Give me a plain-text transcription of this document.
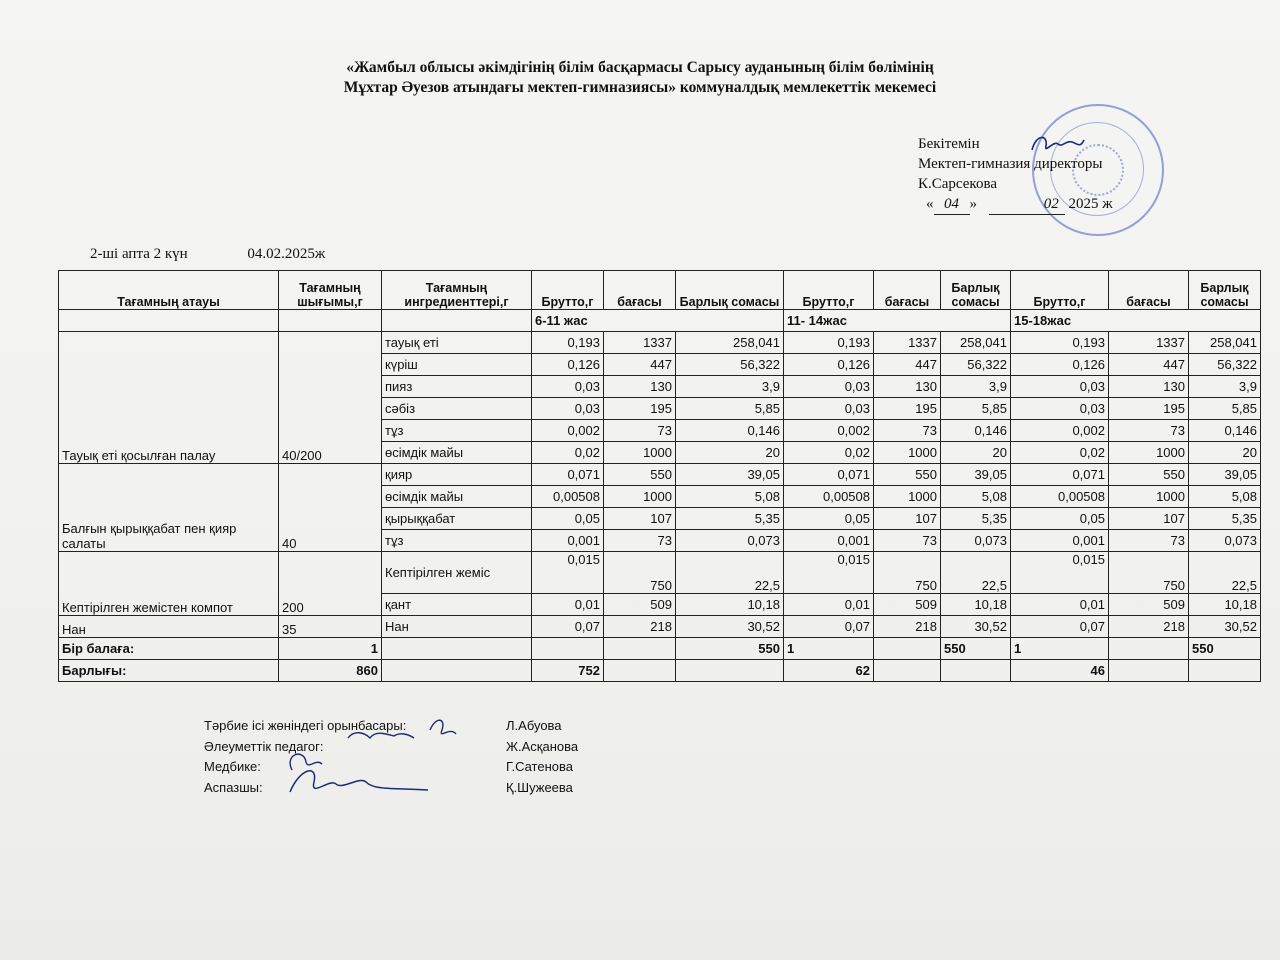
«Жамбыл облысы әкімдігінің білім басқармасы Сарысу ауданының білім бөлімінің
Мұхтар Әуезов атындағы мектеп-гимназиясы» коммуналдық мемлекеттік мекемесі
Бекітемін
Мектеп-гимназия директоры
К.Сарсекова
« 04 »	02 2025 ж
2-ші апта 2 күн	04.02.2025ж
Тағамның атауы	Тағамның шығымы,г	Тағамның ингредиенттері,г	Брутто,г	бағасы	Барлық сомасы	Брутто,г	бағасы	Барлық сомасы	Брутто,г	бағасы	Барлық сомасы
			6-11 жас			11- 14жас			15-18жас		
Тауық еті қосылған палау	40/200	тауық еті	0,193	1337	258,041	0,193	1337	258,041	0,193	1337	258,041
		күріш	0,126	447	56,322	0,126	447	56,322	0,126	447	56,322
		пияз	0,03	130	3,9	0,03	130	3,9	0,03	130	3,9
		сәбіз	0,03	195	5,85	0,03	195	5,85	0,03	195	5,85
		тұз	0,002	73	0,146	0,002	73	0,146	0,002	73	0,146
		өсімдік майы	0,02	1000	20	0,02	1000	20	0,02	1000	20
Балғын қырыққабат пен қияр салаты	40	қияр	0,071	550	39,05	0,071	550	39,05	0,071	550	39,05
		өсімдік майы	0,00508	1000	5,08	0,00508	1000	5,08	0,00508	1000	5,08
		қырыққабат	0,05	107	5,35	0,05	107	5,35	0,05	107	5,35
		тұз	0,001	73	0,073	0,001	73	0,073	0,001	73	0,073
Кептірілген жемістен компот	200	Кептірілген жеміс	0,015	750	22,5	0,015	750	22,5	0,015	750	22,5
		қант	0,01	509	10,18	0,01	509	10,18	0,01	509	10,18
Нан	35	Нан	0,07	218	30,52	0,07	218	30,52	0,07	218	30,52
Бір балаға:	1				550	1		550	1		550
Барлығы:	860		752			62			46		
Тәрбие ісі жөніндегі орынбасары:	Л.Абуова
Әлеуметтік педагог:	Ж.Асқанова
Медбике:	Г.Сатенова
Аспазшы:	Қ.Шужеева
